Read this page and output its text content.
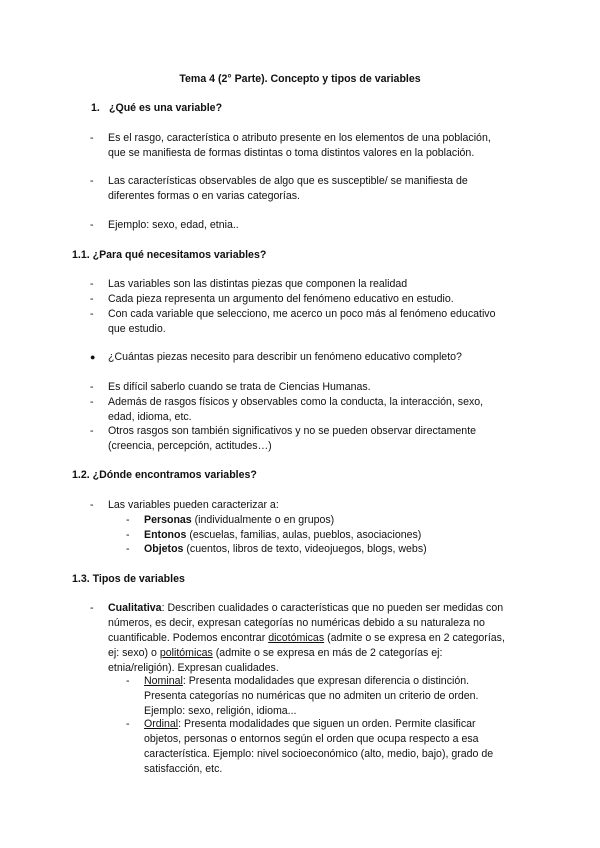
Tema 4 (2° Parte). Concepto y tipos de variables
1. ¿Qué es una variable?
- Es el rasgo, característica o atributo presente en los elementos de una población,
que se manifiesta de formas distintas o toma distintos valores en la población.
- Las características observables de algo que es susceptible/ se manifiesta de
diferentes formas o en varias categorías.
- Ejemplo: sexo, edad, etnia..
1.1. ¿Para qué necesitamos variables?
- Las variables son las distintas piezas que componen la realidad
- Cada pieza representa un argumento del fenómeno educativo en estudio.
- Con cada variable que selecciono, me acerco un poco más al fenómeno educativo
que estudio.
● ¿Cuántas piezas necesito para describir un fenómeno educativo completo?
- Es difícil saberlo cuando se trata de Ciencias Humanas.
- Además de rasgos físicos y observables como la conducta, la interacción, sexo,
edad, idioma, etc.
- Otros rasgos son también significativos y no se pueden observar directamente
(creencia, percepción, actitudes…)
1.2. ¿Dónde encontramos variables?
- Las variables pueden caracterizar a:
- Personas (individualmente o en grupos)
- Entonos (escuelas, familias, aulas, pueblos, asociaciones)
- Objetos (cuentos, libros de texto, videojuegos, blogs, webs)
1.3. Tipos de variables
- Cualitativa: Describen cualidades o características que no pueden ser medidas con
números, es decir, expresan categorías no numéricas debido a su naturaleza no
cuantificable. Podemos encontrar dicotómicas (admite o se expresa en 2 categorías,
ej: sexo) o politómicas (admite o se expresa en más de 2 categorías ej:
etnia/religión). Expresan cualidades.
- Nominal: Presenta modalidades que expresan diferencia o distinción.
Presenta categorías no numéricas que no admiten un criterio de orden.
Ejemplo: sexo, religión, idioma...
- Ordinal: Presenta modalidades que siguen un orden. Permite clasificar
objetos, personas o entornos según el orden que ocupa respecto a esa
característica. Ejemplo: nivel socioeconómico (alto, medio, bajo), grado de
satisfacción, etc.
